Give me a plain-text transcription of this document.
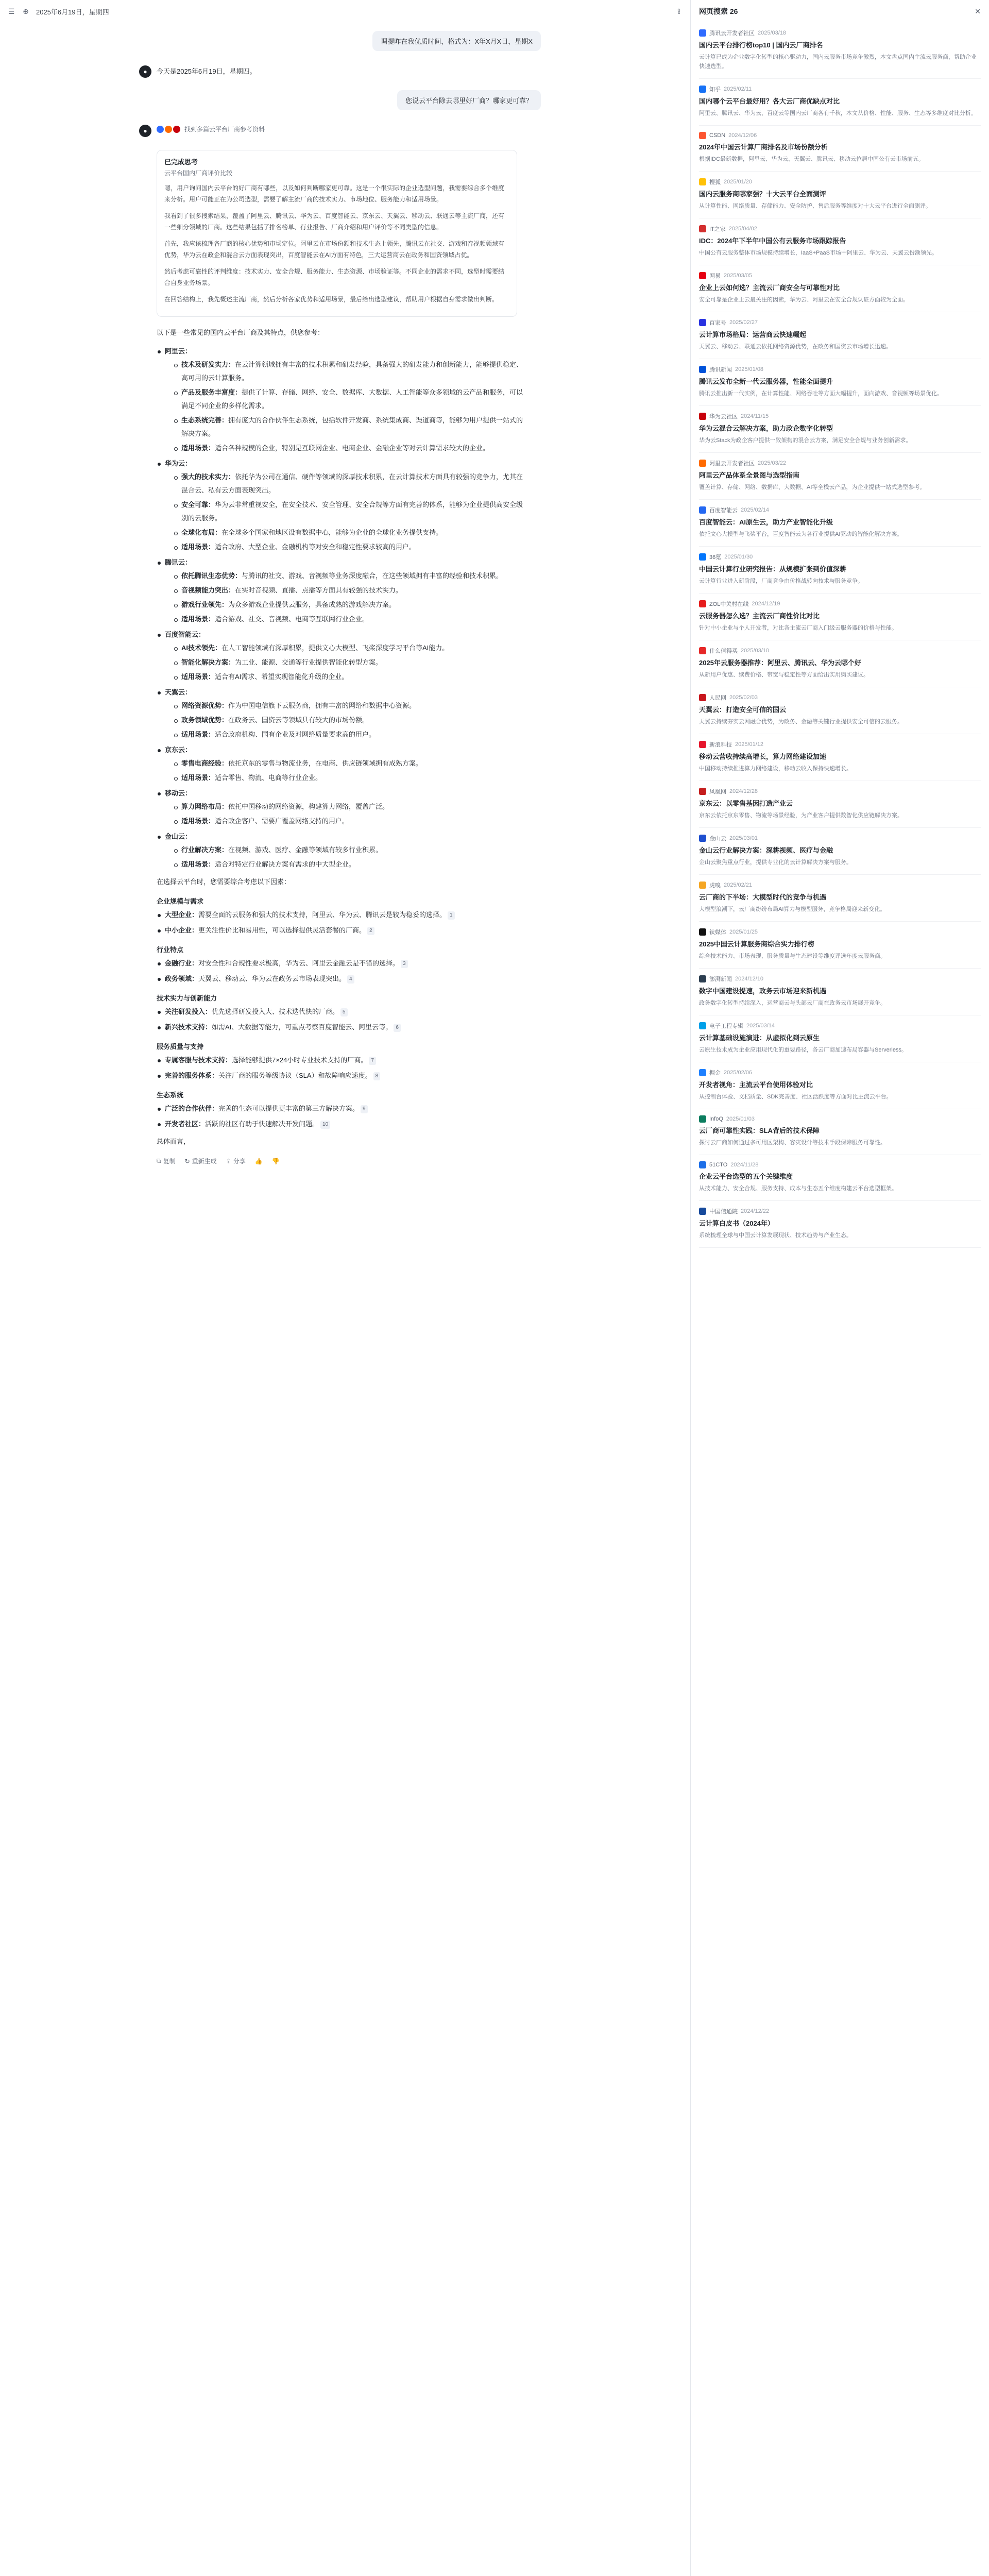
☰ ⊕ 2025年6月19日，星期四	⇪
调提昨在我优质时间，格式为：X年X月X日，星期X
●	今天是2025年6月19日，星期四。
您说云平台除去哪里好厂商？哪家更可靠？
●	找到多篇云平台厂商参考资料
已完成思考
云平台国内厂商评价比较

嗯，用户询问国内云平台的好厂商有哪些，以及如何判断哪家更可靠。这是一个很实际的企业选型问题，我需要综合多个维度来分析。用户可能正在为公司选型，需要了解主流厂商的技术实力、市场地位、服务能力和适用场景。

我看到了很多搜索结果，覆盖了阿里云、腾讯云、华为云、百度智能云、京东云、天翼云、移动云、联通云等主流厂商，还有一些细分领域的厂商。这些结果包括了排名榜单、行业报告、厂商介绍和用户评价等不同类型的信息。

首先，我应该梳理各厂商的核心优势和市场定位。阿里云在市场份额和技术生态上领先，腾讯云在社交、游戏和音视频领域有优势，华为云在政企和混合云方面表现突出，百度智能云在AI方面有特色，三大运营商云在政务和国资领域占优。

然后考虑可靠性的评判维度：技术实力、安全合规、服务能力、生态资源、市场验证等。不同企业的需求不同，选型时需要结合自身业务场景。

在回答结构上，我先概述主流厂商，然后分析各家优势和适用场景，最后给出选型建议，帮助用户根据自身需求做出判断。

以下是一些常见的国内云平台厂商及其特点，供您参考：
阿里云：
技术及研发实力：在云计算领域拥有丰富的技术积累和研发经验，具备强大的研发能力和创新能力，能够提供稳定、高可用的云计算服务。
产品及服务丰富度：提供了计算、存储、网络、安全、数据库、大数据、人工智能等众多领域的云产品和服务，可以满足不同企业的多样化需求。
生态系统完善：拥有庞大的合作伙伴生态系统，包括软件开发商、系统集成商、渠道商等，能够为用户提供一站式的解决方案。
适用场景：适合各种规模的企业，特别是互联网企业、电商企业、金融企业等对云计算需求较大的企业。
华为云：
强大的技术实力：依托华为公司在通信、硬件等领域的深厚技术积累，在云计算技术方面具有较强的竞争力，尤其在混合云、私有云方面表现突出。
安全可靠：华为云非常重视安全，在安全技术、安全管理、安全合规等方面有完善的体系，能够为企业提供高安全级别的云服务。
全球化布局：在全球多个国家和地区设有数据中心，能够为企业的全球化业务提供支持。
适用场景：适合政府、大型企业、金融机构等对安全和稳定性要求较高的用户。
腾讯云：
依托腾讯生态优势：与腾讯的社交、游戏、音视频等业务深度融合，在这些领域拥有丰富的经验和技术积累。
音视频能力突出：在实时音视频、直播、点播等方面具有较强的技术实力。
游戏行业领先：为众多游戏企业提供云服务，具备成熟的游戏解决方案。
适用场景：适合游戏、社交、音视频、电商等互联网行业企业。
百度智能云：
AI技术领先：在人工智能领域有深厚积累，提供文心大模型、飞桨深度学习平台等AI能力。
智能化解决方案：为工业、能源、交通等行业提供智能化转型方案。
适用场景：适合有AI需求、希望实现智能化升级的企业。
天翼云：
网络资源优势：作为中国电信旗下云服务商，拥有丰富的网络和数据中心资源。
政务领域优势：在政务云、国资云等领域具有较大的市场份额。
适用场景：适合政府机构、国有企业及对网络质量要求高的用户。
京东云：
零售电商经验：依托京东的零售与物流业务，在电商、供应链领域拥有成熟方案。
适用场景：适合零售、物流、电商等行业企业。
移动云：
算力网络布局：依托中国移动的网络资源，构建算力网络，覆盖广泛。
适用场景：适合政企客户、需要广覆盖网络支持的用户。
金山云：
行业解决方案：在视频、游戏、医疗、金融等领域有较多行业积累。
适用场景：适合对特定行业解决方案有需求的中大型企业。
在选择云平台时，您需要综合考虑以下因素：
企业规模与需求
大型企业：需要全面的云服务和强大的技术支持，阿里云、华为云、腾讯云是较为稳妥的选择。 1
中小企业：更关注性价比和易用性，可以选择提供灵活套餐的厂商。 2
行业特点
金融行业：对安全性和合规性要求极高，华为云、阿里云金融云是不错的选择。 3
政务领域：天翼云、移动云、华为云在政务云市场表现突出。 4
技术实力与创新能力
关注研发投入：优先选择研发投入大、技术迭代快的厂商。 5
新兴技术支持：如需AI、大数据等能力，可重点考察百度智能云、阿里云等。 6
服务质量与支持
专属客服与技术支持：选择能够提供7×24小时专业技术支持的厂商。 7
完善的服务体系：关注厂商的服务等级协议（SLA）和故障响应速度。 8
生态系统
广泛的合作伙伴：完善的生态可以提供更丰富的第三方解决方案。 9
开发者社区：活跃的社区有助于快速解决开发问题。 10
总体而言，
⧉ 复制 ↻ 重新生成 ⇪ 分享 👍 👎
网页搜索 26	✕
腾讯云开发者社区 2025/03/18
国内云平台排行榜top10 | 国内云厂商排名
云计算已成为企业数字化转型的核心驱动力，国内云服务市场竞争激烈，本文盘点国内主流云服务商，帮助企业快速选型。
知乎 2025/02/11
国内哪个云平台最好用？各大云厂商优缺点对比
阿里云、腾讯云、华为云、百度云等国内云厂商各有千秋，本文从价格、性能、服务、生态等多维度对比分析。
CSDN 2024/12/06
2024年中国云计算厂商排名及市场份额分析
根据IDC最新数据，阿里云、华为云、天翼云、腾讯云、移动云位居中国公有云市场前五。
搜狐 2025/01/20
国内云服务商哪家强？十大云平台全面测评
从计算性能、网络质量、存储能力、安全防护、售后服务等维度对十大云平台进行全面测评。
IT之家 2025/04/02
IDC：2024年下半年中国公有云服务市场跟踪报告
中国公有云服务整体市场规模持续增长，IaaS+PaaS市场中阿里云、华为云、天翼云份额领先。
网易 2025/03/05
企业上云如何选？主流云厂商安全与可靠性对比
安全可靠是企业上云最关注的因素，华为云、阿里云在安全合规认证方面较为全面。
百家号 2025/02/27
云计算市场格局：运营商云快速崛起
天翼云、移动云、联通云依托网络资源优势，在政务和国资云市场增长迅速。
腾讯新闻 2025/01/08
腾讯云发布全新一代云服务器，性能全面提升
腾讯云推出新一代实例，在计算性能、网络吞吐等方面大幅提升，面向游戏、音视频等场景优化。
华为云社区 2024/11/15
华为云混合云解决方案，助力政企数字化转型
华为云Stack为政企客户提供一致架构的混合云方案，满足安全合规与业务创新需求。
阿里云开发者社区 2025/03/22
阿里云产品体系全景图与选型指南
覆盖计算、存储、网络、数据库、大数据、AI等全栈云产品，为企业提供一站式选型参考。
百度智能云 2025/02/14
百度智能云：AI原生云，助力产业智能化升级
依托文心大模型与飞桨平台，百度智能云为各行业提供AI驱动的智能化解决方案。
36氪 2025/01/30
中国云计算行业研究报告：从规模扩张到价值深耕
云计算行业进入新阶段，厂商竞争由价格战转向技术与服务竞争。
ZOL中关村在线 2024/12/19
云服务器怎么选？主流云厂商性价比对比
针对中小企业与个人开发者，对比各主流云厂商入门级云服务器的价格与性能。
什么值得买 2025/03/10
2025年云服务器推荐：阿里云、腾讯云、华为云哪个好
从新用户优惠、续费价格、带宽与稳定性等方面给出实用购买建议。
人民网 2025/02/03
天翼云：打造安全可信的国云
天翼云持续夯实云网融合优势，为政务、金融等关键行业提供安全可信的云服务。
新浪科技 2025/01/12
移动云营收持续高增长，算力网络建设加速
中国移动持续推进算力网络建设，移动云收入保持快速增长。
凤凰网 2024/12/28
京东云：以零售基因打造产业云
京东云依托京东零售、物流等场景经验，为产业客户提供数智化供应链解决方案。
金山云 2025/03/01
金山云行业解决方案：深耕视频、医疗与金融
金山云聚焦重点行业，提供专业化的云计算解决方案与服务。
虎嗅 2025/02/21
云厂商的下半场：大模型时代的竞争与机遇
大模型浪潮下，云厂商纷纷布局AI算力与模型服务，竞争格局迎来新变化。
钛媒体 2025/01/25
2025中国云计算服务商综合实力排行榜
综合技术能力、市场表现、服务质量与生态建设等维度评选年度云服务商。
澎湃新闻 2024/12/10
数字中国建设提速，政务云市场迎来新机遇
政务数字化转型持续深入，运营商云与头部云厂商在政务云市场展开竞争。
电子工程专辑 2025/03/14
云计算基础设施演进：从虚拟化到云原生
云原生技术成为企业应用现代化的重要路径，各云厂商加速布局容器与Serverless。
掘金 2025/02/06
开发者视角：主流云平台使用体验对比
从控制台体验、文档质量、SDK完善度、社区活跃度等方面对比主流云平台。
InfoQ 2025/01/03
云厂商可靠性实践：SLA背后的技术保障
探讨云厂商如何通过多可用区架构、容灾设计等技术手段保障服务可靠性。
51CTO 2024/11/28
企业云平台选型的五个关键维度
从技术能力、安全合规、服务支持、成本与生态五个维度构建云平台选型框架。
中国信通院 2024/12/22
云计算白皮书（2024年）
系统梳理全球与中国云计算发展现状、技术趋势与产业生态。
